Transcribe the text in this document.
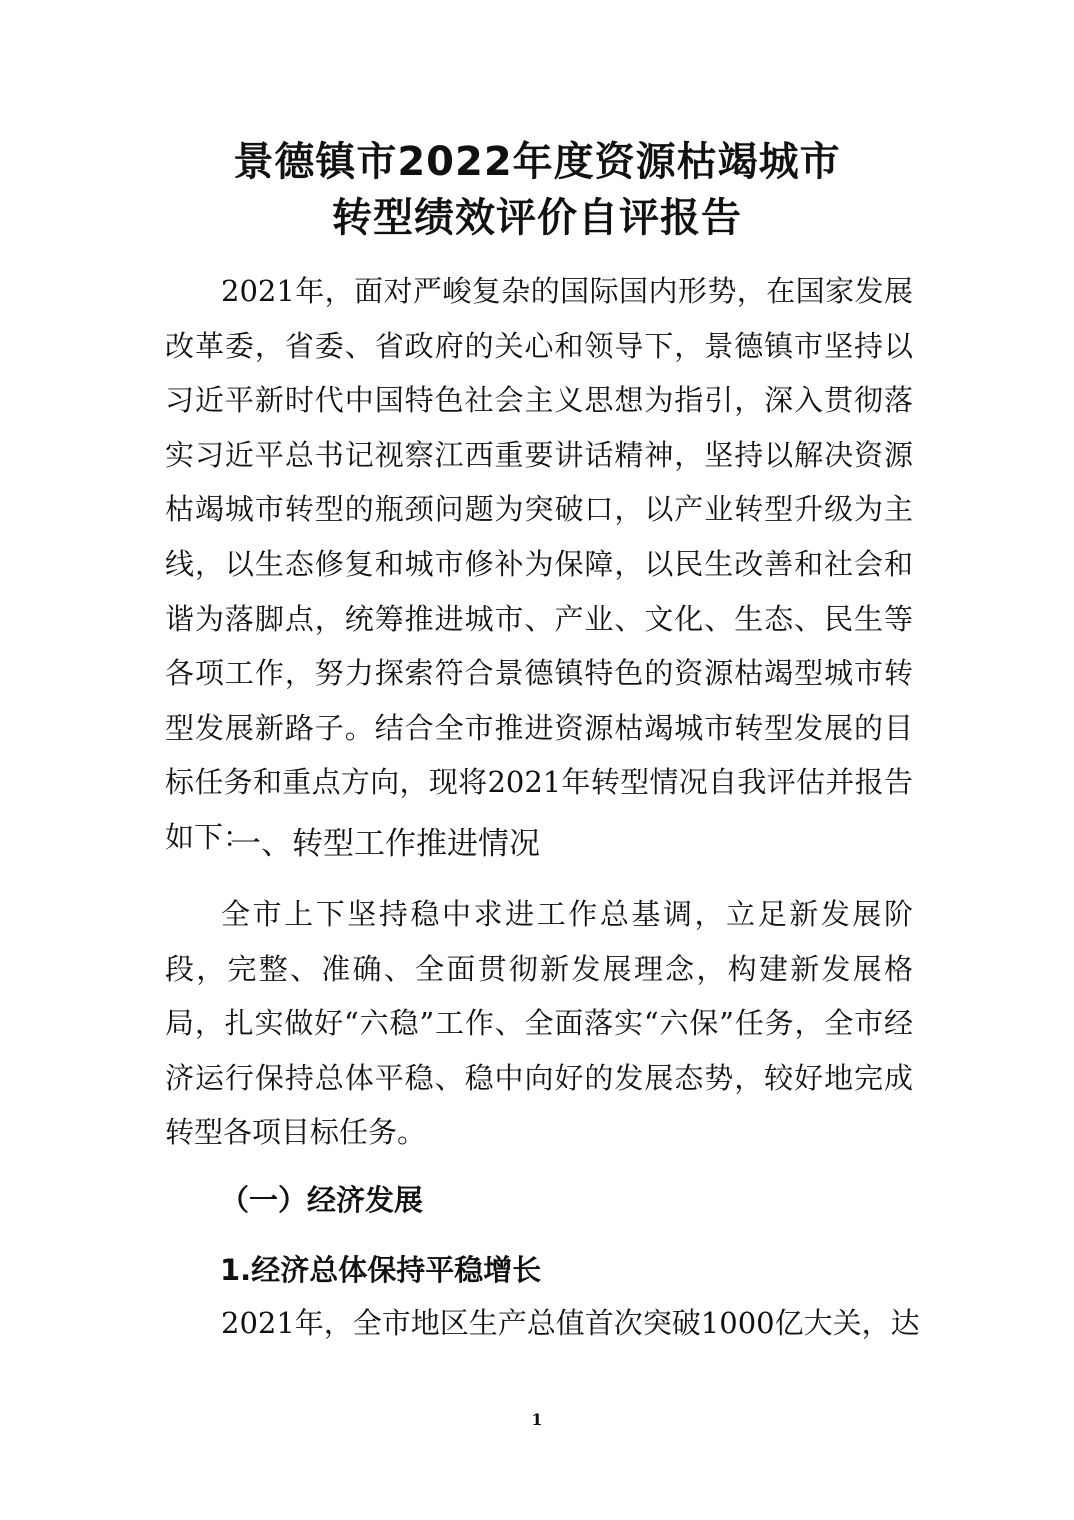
景德镇市2022年度资源枯竭城市
转型绩效评价自评报告

2021年，面对严峻复杂的国际国内形势，在国家发展改革委，省委、省政府的关心和领导下，景德镇市坚持以习近平新时代中国特色社会主义思想为指引，深入贯彻落实习近平总书记视察江西重要讲话精神，坚持以解决资源枯竭城市转型的瓶颈问题为突破口，以产业转型升级为主线，以生态修复和城市修补为保障，以民生改善和社会和谐为落脚点，统筹推进城市、产业、文化、生态、民生等各项工作，努力探索符合景德镇特色的资源枯竭型城市转型发展新路子。结合全市推进资源枯竭城市转型发展的目标任务和重点方向，现将2021年转型情况自我评估并报告如下：

一、转型工作推进情况

全市上下坚持稳中求进工作总基调，立足新发展阶段，完整、准确、全面贯彻新发展理念，构建新发展格局，扎实做好“六稳”工作、全面落实“六保”任务，全市经济运行保持总体平稳、稳中向好的发展态势，较好地完成转型各项目标任务。

（一）经济发展
1.经济总体保持平稳增长

2021年，全市地区生产总值首次突破1000亿大关，达

1
